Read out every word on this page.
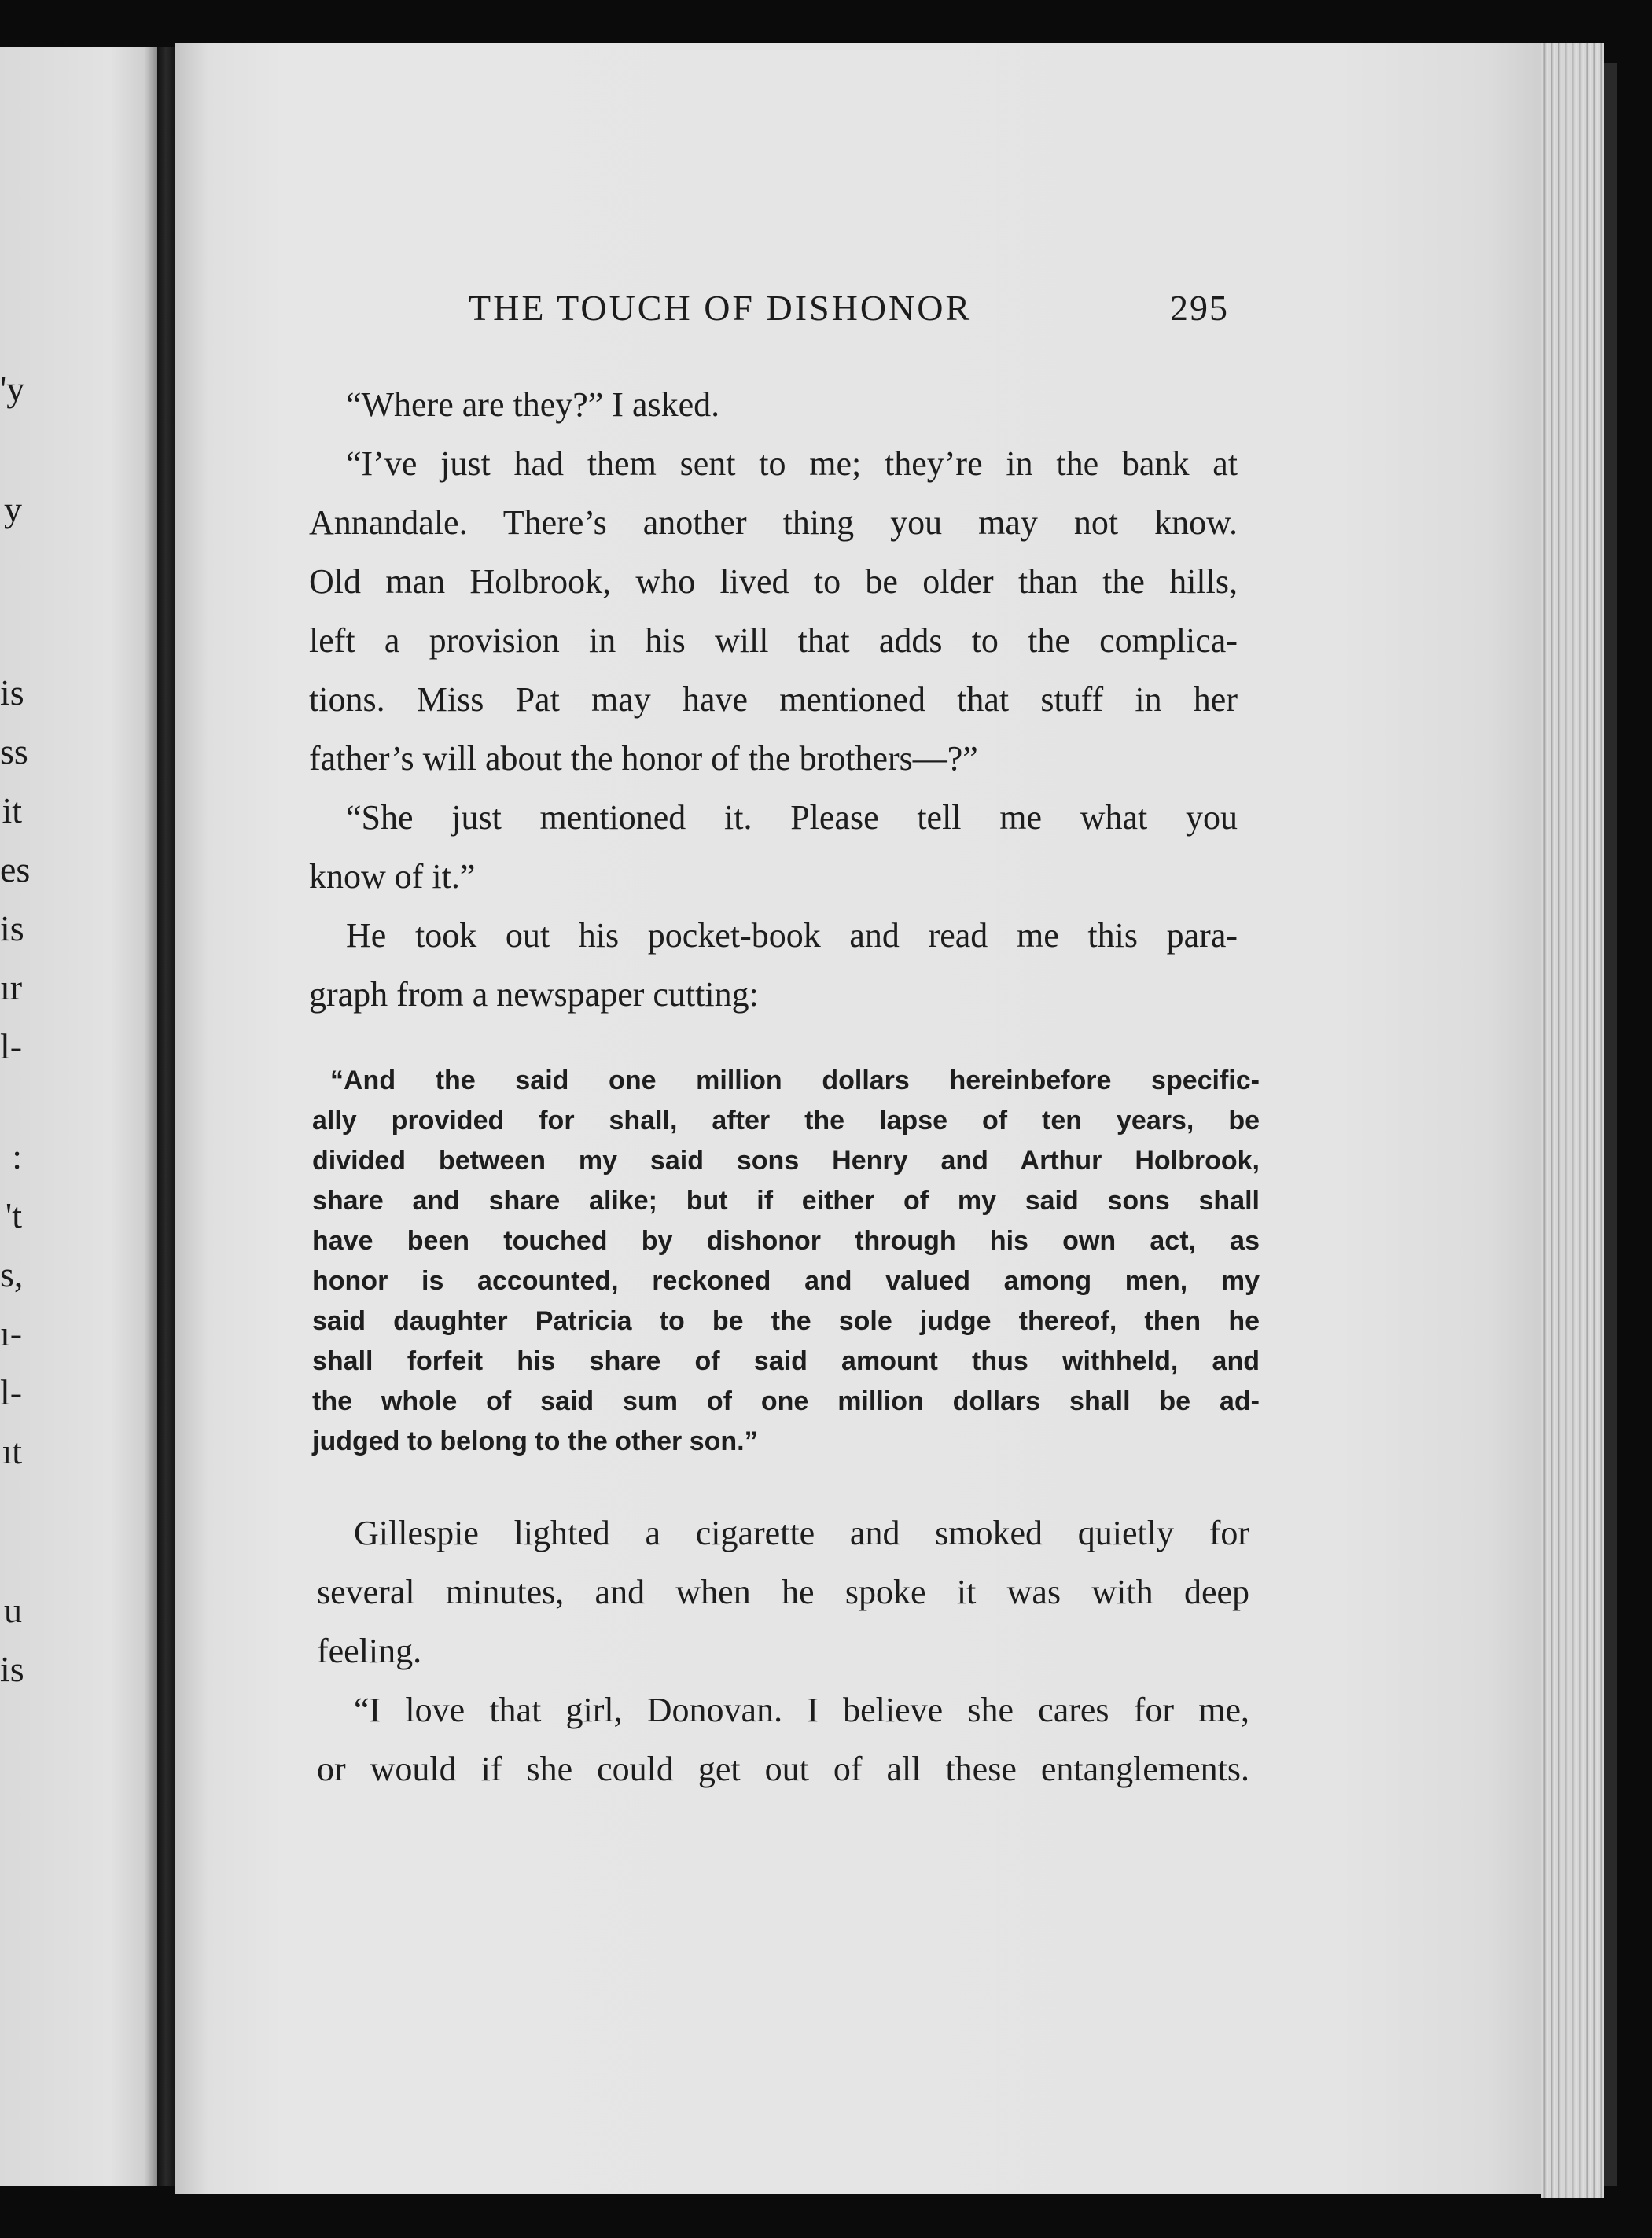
'y
y
is
ss
it
es
is
ır
l-
:
't
s,
ı-
l-
ıt
u
is
THE TOUCH OF DISHONOR	295
“Where are they?” I asked.
“I’ve just had them sent to me; they’re in the bank at
Annandale. There’s another thing you may not know.
Old man Holbrook, who lived to be older than the hills,
left a provision in his will that adds to the complica-
tions. Miss Pat may have mentioned that stuff in her
father’s will about the honor of the brothers—?”
“She just mentioned it. Please tell me what you
know of it.”
He took out his pocket-book and read me this para-
graph from a newspaper cutting:
“And the said one million dollars hereinbefore specific-
ally provided for shall, after the lapse of ten years, be
divided between my said sons Henry and Arthur Holbrook,
share and share alike; but if either of my said sons shall
have been touched by dishonor through his own act, as
honor is accounted, reckoned and valued among men, my
said daughter Patricia to be the sole judge thereof, then he
shall forfeit his share of said amount thus withheld, and
the whole of said sum of one million dollars shall be ad-
judged to belong to the other son.”
Gillespie lighted a cigarette and smoked quietly for
several minutes, and when he spoke it was with deep
feeling.
“I love that girl, Donovan. I believe she cares for me,
or would if she could get out of all these entanglements.
